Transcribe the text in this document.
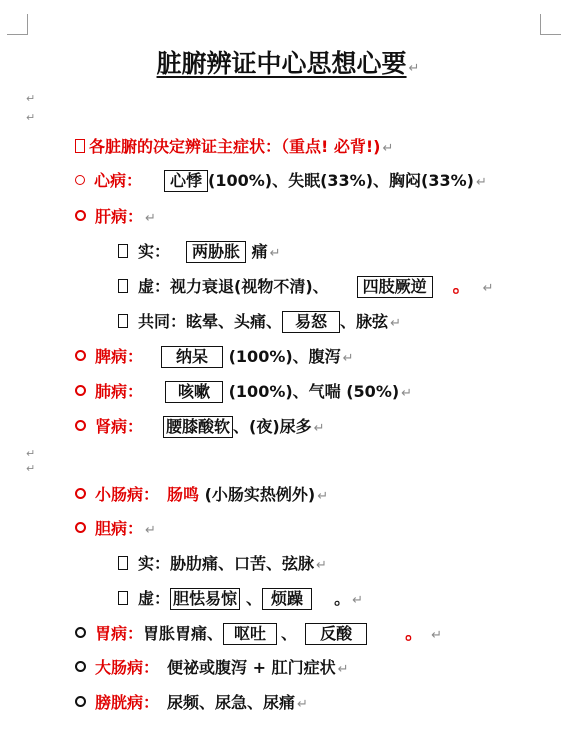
脏腑辨证中心思想心要 ↵
↵
↵
各脏腑的决定辨证主症状：（重点! 必背!) ↵
心病： 心悸 (100%)、失眠(33%)、胸闷(33%) ↵
肝病： ↵
实： 两胁胀 痛 ↵
虚：视力衰退(视物不清)、 四肢厥逆 。 ↵
共同：眩晕、头痛、 易怒 、脉弦 ↵
脾病： 纳呆 (100%)、腹泻 ↵
肺病： 咳嗽 (100%)、气喘 (50%) ↵
肾病： 腰膝酸软 、(夜)尿多 ↵
↵
↵
小肠病： 肠鸣 (小肠实热例外) ↵
胆病： ↵
实：胁肋痛、口苦、弦脉 ↵
虚： 胆怯易惊 、 烦躁 。 ↵
胃病：胃胀胃痛、 呕吐 、 反酸	。 ↵
大肠病： 便祕或腹泻 + 肛门症状 ↵
膀胱病： 尿频、尿急、尿痛 ↵
